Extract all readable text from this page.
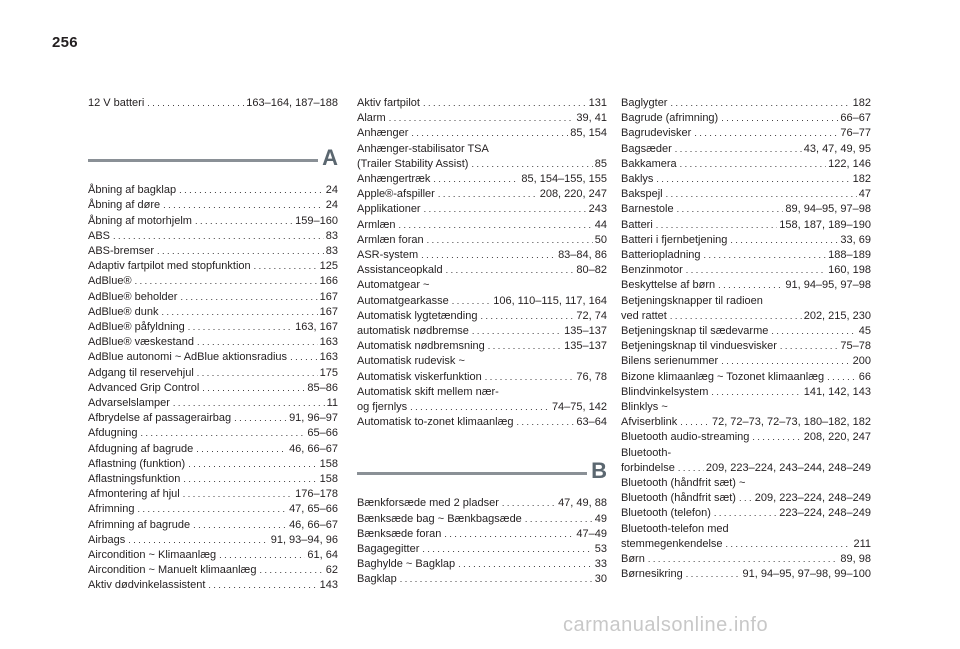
256
12 V batteri . . .	163–164, 187–188
A
Åbning af bagklap . . .	24
Åbning af døre . . .	24
Åbning af motorhjelm . . .	159–160
ABS . . .	83
ABS-bremser . . .	83
Adaptiv fartpilot med stopfunktion . . .	125
AdBlue® . . .	166
AdBlue® beholder . . .	167
AdBlue® dunk . . .	167
AdBlue® påfyldning . . .	163, 167
AdBlue® væskestand . . .	163
AdBlue autonomi ~ AdBlue aktionsradius . . .	163
Adgang til reservehjul . . .	175
Advanced Grip Control . . .	85–86
Advarselslamper . . .	11
Afbrydelse af passagerairbag . . .	91, 96–97
Afdugning . . .	65–66
Afdugning af bagrude . . .	46, 66–67
Aflastning (funktion) . . .	158
Aflastningsfunktion . . .	158
Afmontering af hjul . . .	176–178
Afrimning . . .	47, 65–66
Afrimning af bagrude . . .	46, 66–67
Airbags . . .	91, 93–94, 96
Aircondition ~ Klimaanlæg . . .	61, 64
Aircondition ~ Manuelt klimaanlæg . . .	62
Aktiv dødvinkelassistent . . .	143
Aktiv fartpilot . . .	131
Alarm . . .	39, 41
Anhænger . . .	85, 154
Anhænger-stabilisator TSA
(Trailer Stability Assist) . . .	85
Anhængertræk . . .	85, 154–155, 155
Apple®-afspiller . . .	208, 220, 247
Applikationer . . .	243
Armlæn . . .	44
Armlæn foran . . .	50
ASR-system . . .	83–84, 86
Assistanceopkald . . .	80–82
Automatgear ~
Automatgearkasse . . .	106, 110–115, 117, 164
Automatisk lygtetænding . . .	72, 74
automatisk nødbremse . . .	135–137
Automatisk nødbremsning . . .	135–137
Automatisk rudevisk ~
Automatisk viskerfunktion . . .	76, 78
Automatisk skift mellem nær-
og fjernlys . . .	74–75, 142
Automatisk to-zonet klimaanlæg . . .	63–64
B
Bænkforsæde med 2 pladser . . .	47, 49, 88
Bænksæde bag ~ Bænkbagsæde . . .	49
Bænksæde foran . . .	47–49
Bagagegitter . . .	53
Baghylde ~ Bagklap . . .	33
Bagklap . . .	30
Baglygter . . .	182
Bagrude (afrimning) . . .	66–67
Bagrudevisker . . .	76–77
Bagsæder . . .	43, 47, 49, 95
Bakkamera . . .	122, 146
Baklys . . .	182
Bakspejl . . .	47
Barnestole . . .	89, 94–95, 97–98
Batteri . . .	158, 187, 189–190
Batteri i fjernbetjening . . .	33, 69
Batteriopladning . . .	188–189
Benzinmotor . . .	160, 198
Beskyttelse af børn . . .	91, 94–95, 97–98
Betjeningsknapper til radioen
ved rattet . . .	202, 215, 230
Betjeningsknap til sædevarme . . .	45
Betjeningsknap til vinduesvisker . . .	75–78
Bilens serienummer . . .	200
Bizone klimaanlæg ~ Tozonet klimaanlæg . . .	66
Blindvinkelsystem . . .	141, 142, 143
Blinklys ~
Afviserblink . . .	72, 72–73, 72–73, 180–182, 182
Bluetooth audio-streaming . . .	208, 220, 247
Bluetooth-
forbindelse . . .	209, 223–224, 243–244, 248–249
Bluetooth (håndfrit sæt) ~
Bluetooth (håndfrit sæt) . . . 209, 223–224, 248–249
Bluetooth (telefon) . . .	223–224, 248–249
Bluetooth-telefon med
stemmegenkendelse . . .	211
Børn . . .	89, 98
Børnesikring . . .	91, 94–95, 97–98, 99–100
carmanualsonline.info
